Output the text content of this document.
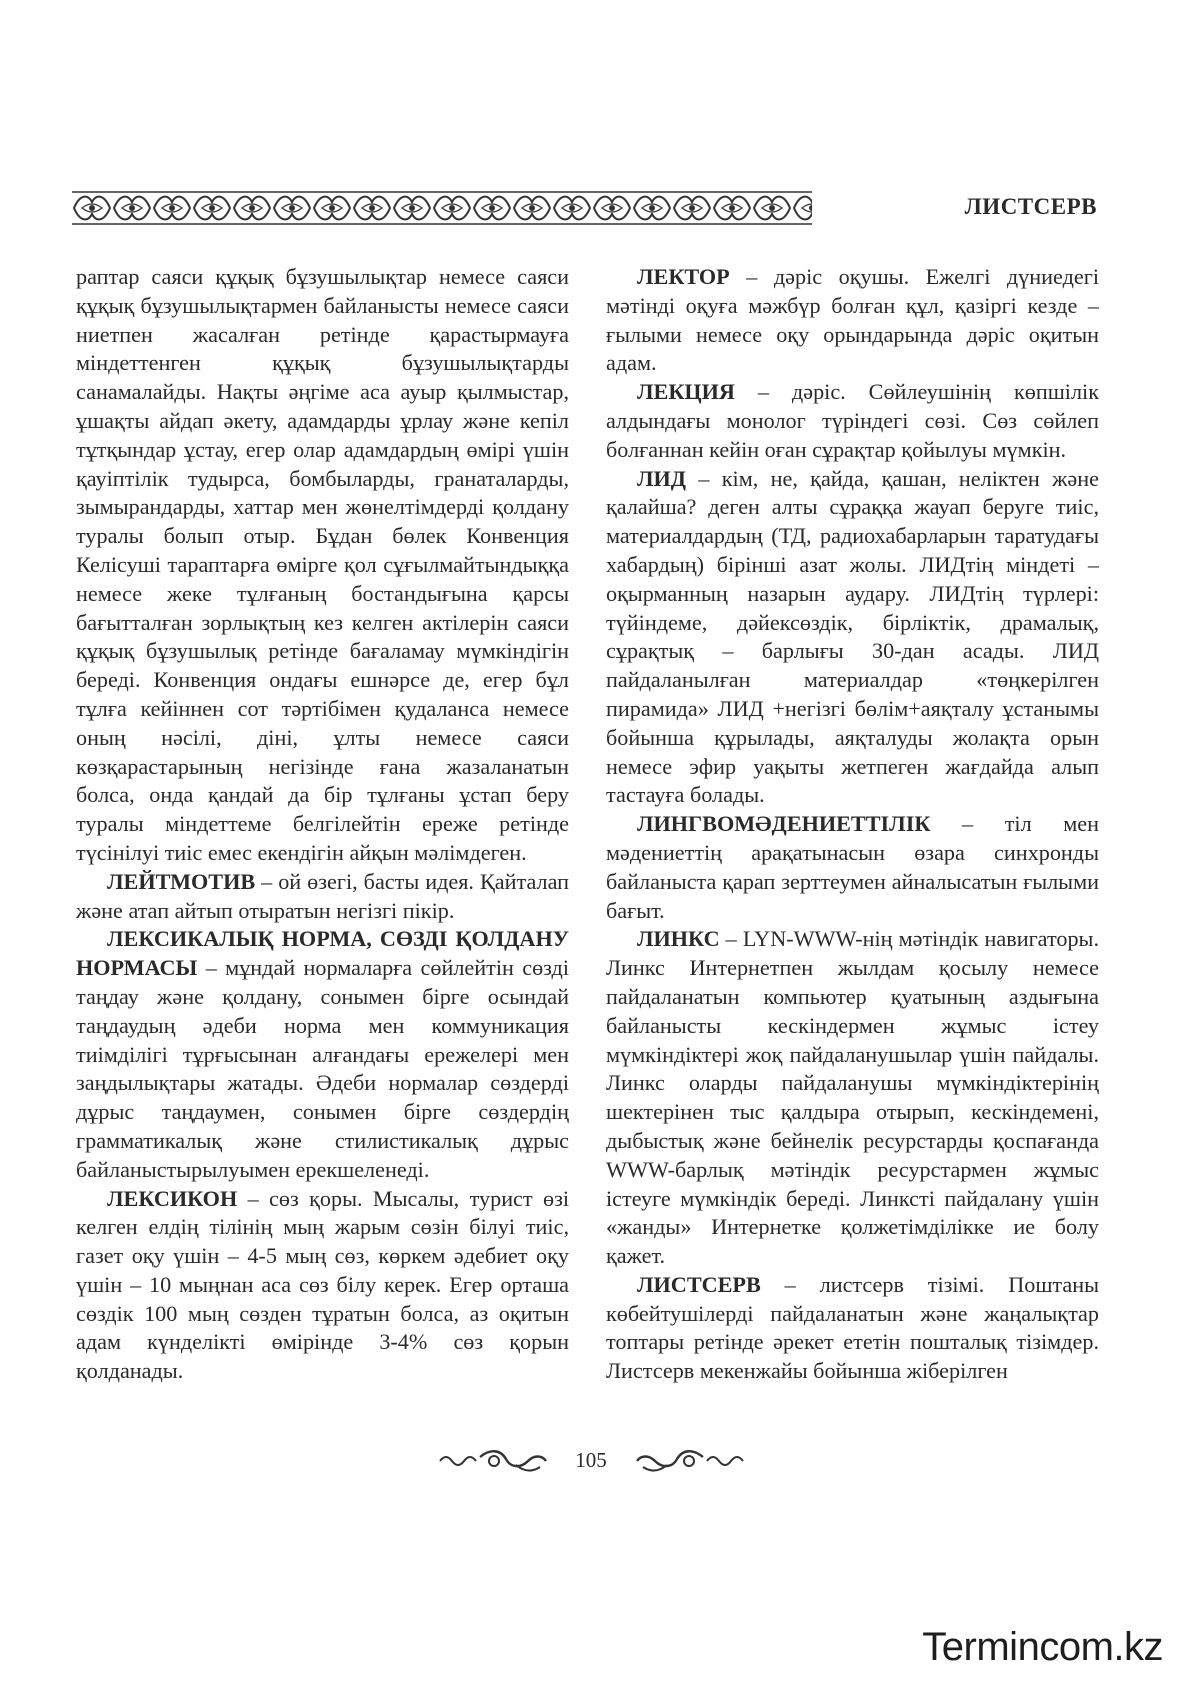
ЛИСТСЕРВ

раптар саяси құқық бұзушылықтар немесе саяси құқық бұзушылықтармен байланысты немесе саяси ниетпен жасалған ретінде қарастырмауға міндеттенген құқық бұзушылықтарды санамалайды. Нақты әңгіме аса ауыр қылмыстар, ұшақты айдап әкету, адамдарды ұрлау және кепіл тұтқындар ұстау, егер олар адамдардың өмірі үшін қауіптілік тудырса, бомбыларды, гранаталарды, зымырандарды, хаттар мен жөнелтімдерді қолдану туралы болып отыр. Бұдан бөлек Конвенция Келісуші тараптарға өмірге қол сұғылмайтындыққа немесе жеке тұлғаның бостандығына қарсы бағытталған зорлықтың кез келген актілерін саяси құқық бұзушылық ретінде бағаламау мүмкіндігін береді. Конвенция ондағы ешнәрсе де, егер бұл тұлға кейіннен сот тәртібімен қудаланса немесе оның нәсілі, діні, ұлты немесе саяси көзқарастарының негізінде ғана жазаланатын болса, онда қандай да бір тұлғаны ұстап беру туралы міндеттеме белгілейтін ереже ретінде түсінілуі тиіс емес екендігін айқын мәлімдеген.

ЛЕЙТМОТИВ – ой өзегі, басты идея. Қайталап және атап айтып отыратын негізгі пікір.

ЛЕКСИКАЛЫҚ НОРМА, СӨЗДІ ҚОЛДАНУ НОРМАСЫ – мұндай нормаларға сөйлейтін сөзді таңдау және қолдану, сонымен бірге осындай таңдаудың әдеби норма мен коммуникация тиімділігі тұрғысынан алғандағы ережелері мен заңдылықтары жатады. Әдеби нормалар сөздерді дұрыс таңдаумен, сонымен бірге сөздердің грамматикалық және стилистикалық дұрыс байланыстырылуымен ерекшеленеді.

ЛЕКСИКОН – сөз қоры. Мысалы, турист өзі келген елдің тілінің мың жарым сөзін білуі тиіс, газет оқу үшін – 4-5 мың сөз, көркем әдебиет оқу үшін – 10 мыңнан аса сөз білу керек. Егер орташа сөздік 100 мың сөзден тұратын болса, аз оқитын адам күнделікті өмірінде 3-4% сөз қорын қолданады.

ЛЕКТОР – дәріс оқушы. Ежелгі дүниедегі мәтінді оқуға мәжбүр болған құл, қазіргі кезде – ғылыми немесе оқу орындарында дәріс оқитын адам.

ЛЕКЦИЯ – дәріс. Сөйлеушінің көпшілік алдындағы монолог түріндегі сөзі. Сөз сөйлеп болғаннан кейін оған сұрақтар қойылуы мүмкін.

ЛИД – кім, не, қайда, қашан, неліктен және қалайша? деген алты сұраққа жауап беруге тиіс, материалдардың (ТД, радиохабарларын таратудағы хабардың) бірінші азат жолы. ЛИДтің міндеті – оқырманның назарын аудару. ЛИДтің түрлері: түйіндеме, дәйексөздік, бірліктік, драмалық, сұрақтық – барлығы 30-дан асады. ЛИД пайдаланылған материалдар «төңкерілген пирамида» ЛИД +негізгі бөлім+аяқталу ұстанымы бойынша құрылады, аяқталуды жолақта орын немесе эфир уақыты жетпеген жағдайда алып тастауға болады.

ЛИНГВОМӘДЕНИЕТТІЛІК – тіл мен мәдениеттің арақатынасын өзара синхронды байланыста қарап зерттеумен айналысатын ғылыми бағыт.

ЛИНКС – LYN-WWW-нің мәтіндік навигаторы. Линкс Интернетпен жылдам қосылу немесе пайдаланатын компьютер қуатының аздығына байланысты кескіндермен жұмыс істеу мүмкіндіктері жоқ пайдаланушылар үшін пайдалы. Линкс оларды пайдаланушы мүмкіндіктерінің шектерінен тыс қалдыра отырып, кескіндемені, дыбыстық және бейнелік ресурстарды қоспағанда WWW-барлық мәтіндік ресурстармен жұмыс істеуге мүмкіндік береді. Линксті пайдалану үшін «жанды» Интернетке қолжетімділікке ие болу қажет.

ЛИСТСЕРВ – листсерв тізімі. Поштаны көбейтушілерді пайдаланатын және жаңалықтар топтары ретінде әрекет ететін пошталық тізімдер. Листсерв мекенжайы бойынша жіберілген

105
Termincom.kz
